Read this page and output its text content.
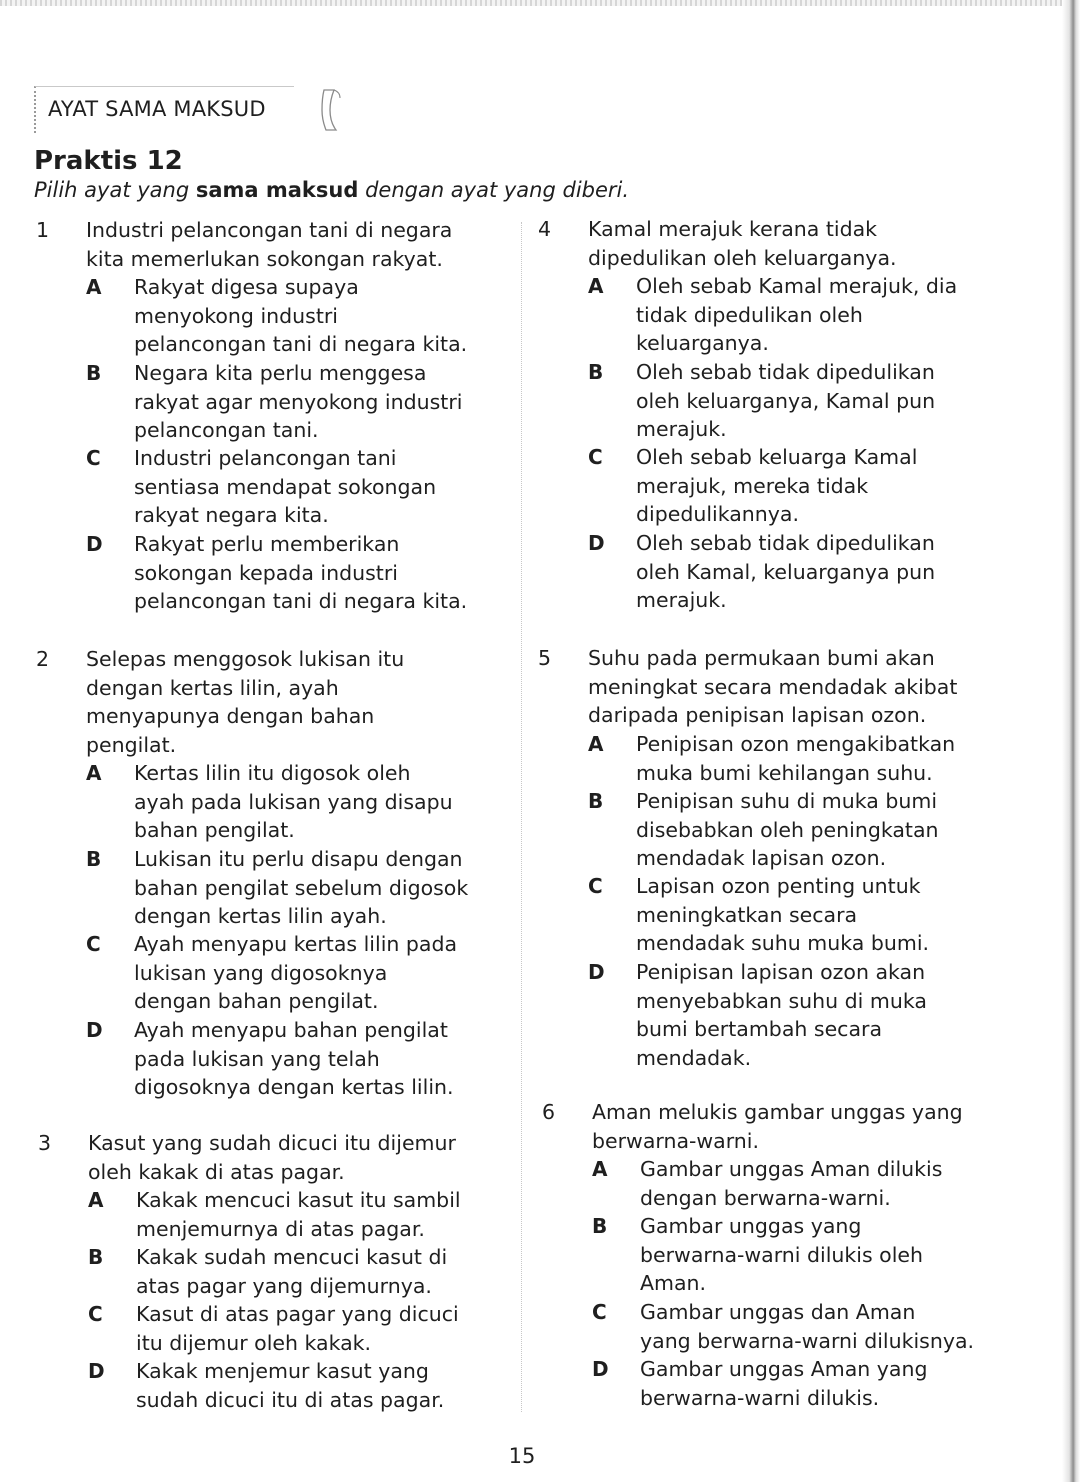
AYAT SAMA MAKSUD
Praktis 12
Pilih ayat yang sama maksud dengan ayat yang diberi.
1	Industri pelancongan tani di negara
kita memerlukan sokongan rakyat.
A Rakyat digesa supaya
menyokong industri
pelancongan tani di negara kita.
B Negara kita perlu menggesa
rakyat agar menyokong industri
pelancongan tani.
C Industri pelancongan tani
sentiasa mendapat sokongan
rakyat negara kita.
D Rakyat perlu memberikan
sokongan kepada industri
pelancongan tani di negara kita.
2	Selepas menggosok lukisan itu
dengan kertas lilin, ayah
menyapunya dengan bahan
pengilat.
A Kertas lilin itu digosok oleh
ayah pada lukisan yang disapu
bahan pengilat.
B Lukisan itu perlu disapu dengan
bahan pengilat sebelum digosok
dengan kertas lilin ayah.
C Ayah menyapu kertas lilin pada
lukisan yang digosoknya
dengan bahan pengilat.
D Ayah menyapu bahan pengilat
pada lukisan yang telah
digosoknya dengan kertas lilin.
3	Kasut yang sudah dicuci itu dijemur
oleh kakak di atas pagar.
A Kakak mencuci kasut itu sambil
menjemurnya di atas pagar.
B Kakak sudah mencuci kasut di
atas pagar yang dijemurnya.
C Kasut di atas pagar yang dicuci
itu dijemur oleh kakak.
D Kakak menjemur kasut yang
sudah dicuci itu di atas pagar.
4	Kamal merajuk kerana tidak
dipedulikan oleh keluarganya.
A Oleh sebab Kamal merajuk, dia
tidak dipedulikan oleh
keluarganya.
B Oleh sebab tidak dipedulikan
oleh keluarganya, Kamal pun
merajuk.
C Oleh sebab keluarga Kamal
merajuk, mereka tidak
dipedulikannya.
D Oleh sebab tidak dipedulikan
oleh Kamal, keluarganya pun
merajuk.
5	Suhu pada permukaan bumi akan
meningkat secara mendadak akibat
daripada penipisan lapisan ozon.
A Penipisan ozon mengakibatkan
muka bumi kehilangan suhu.
B Penipisan suhu di muka bumi
disebabkan oleh peningkatan
mendadak lapisan ozon.
C Lapisan ozon penting untuk
meningkatkan secara
mendadak suhu muka bumi.
D Penipisan lapisan ozon akan
menyebabkan suhu di muka
bumi bertambah secara
mendadak.
6	Aman melukis gambar unggas yang
berwarna-warni.
A Gambar unggas Aman dilukis
dengan berwarna-warni.
B Gambar unggas yang
berwarna-warni dilukis oleh
Aman.
C Gambar unggas dan Aman
yang berwarna-warni dilukisnya.
D Gambar unggas Aman yang
berwarna-warni dilukis.
15
